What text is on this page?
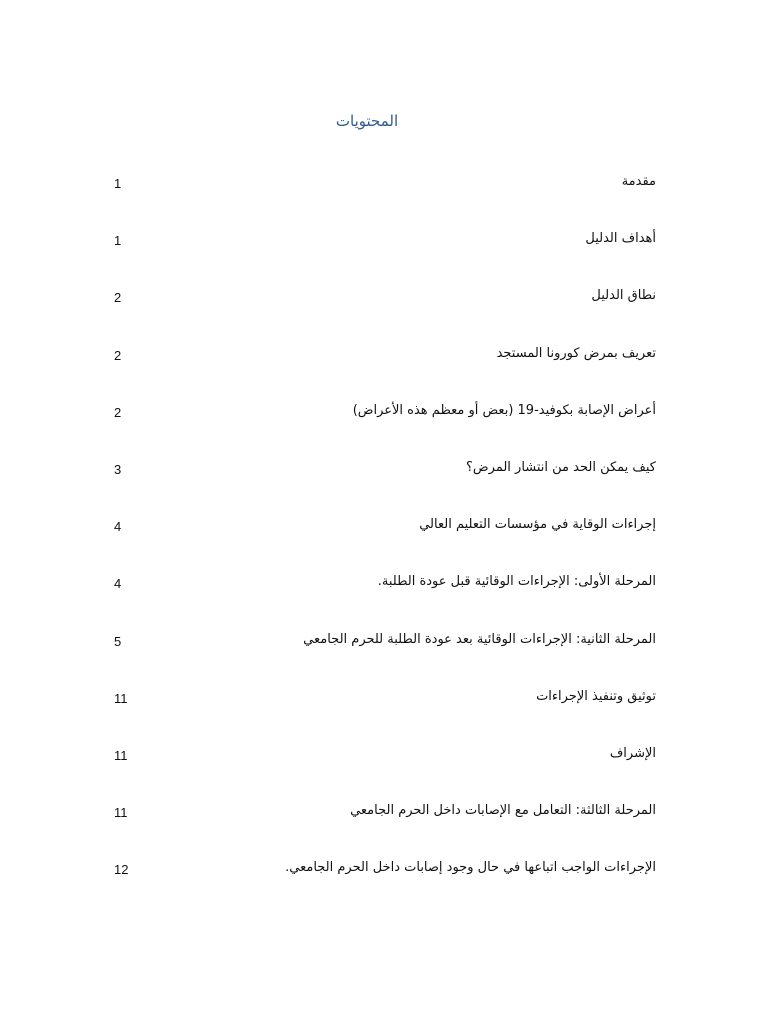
المحتويات
1	مقدمة
1	أهداف الدليل
2	نطاق الدليل
2	تعريف بمرض كورونا المستجد
2	أعراض الإصابة بكوفيد-19 (بعض أو معظم هذه الأعراض)
3	كيف يمكن الحد من انتشار المرض؟
4	إجراءات الوقاية في مؤسسات التعليم العالي
4	المرحلة الأولى: الإجراءات الوقائية قبل عودة الطلبة.
5	المرحلة الثانية: الإجراءات الوقائية بعد عودة الطلبة للحرم الجامعي
11	توثيق وتنفيذ الإجراءات
11	الإشراف
11	المرحلة الثالثة: التعامل مع الإصابات داخل الحرم الجامعي
12	الإجراءات الواجب اتباعها في حال وجود إصابات داخل الحرم الجامعي.
